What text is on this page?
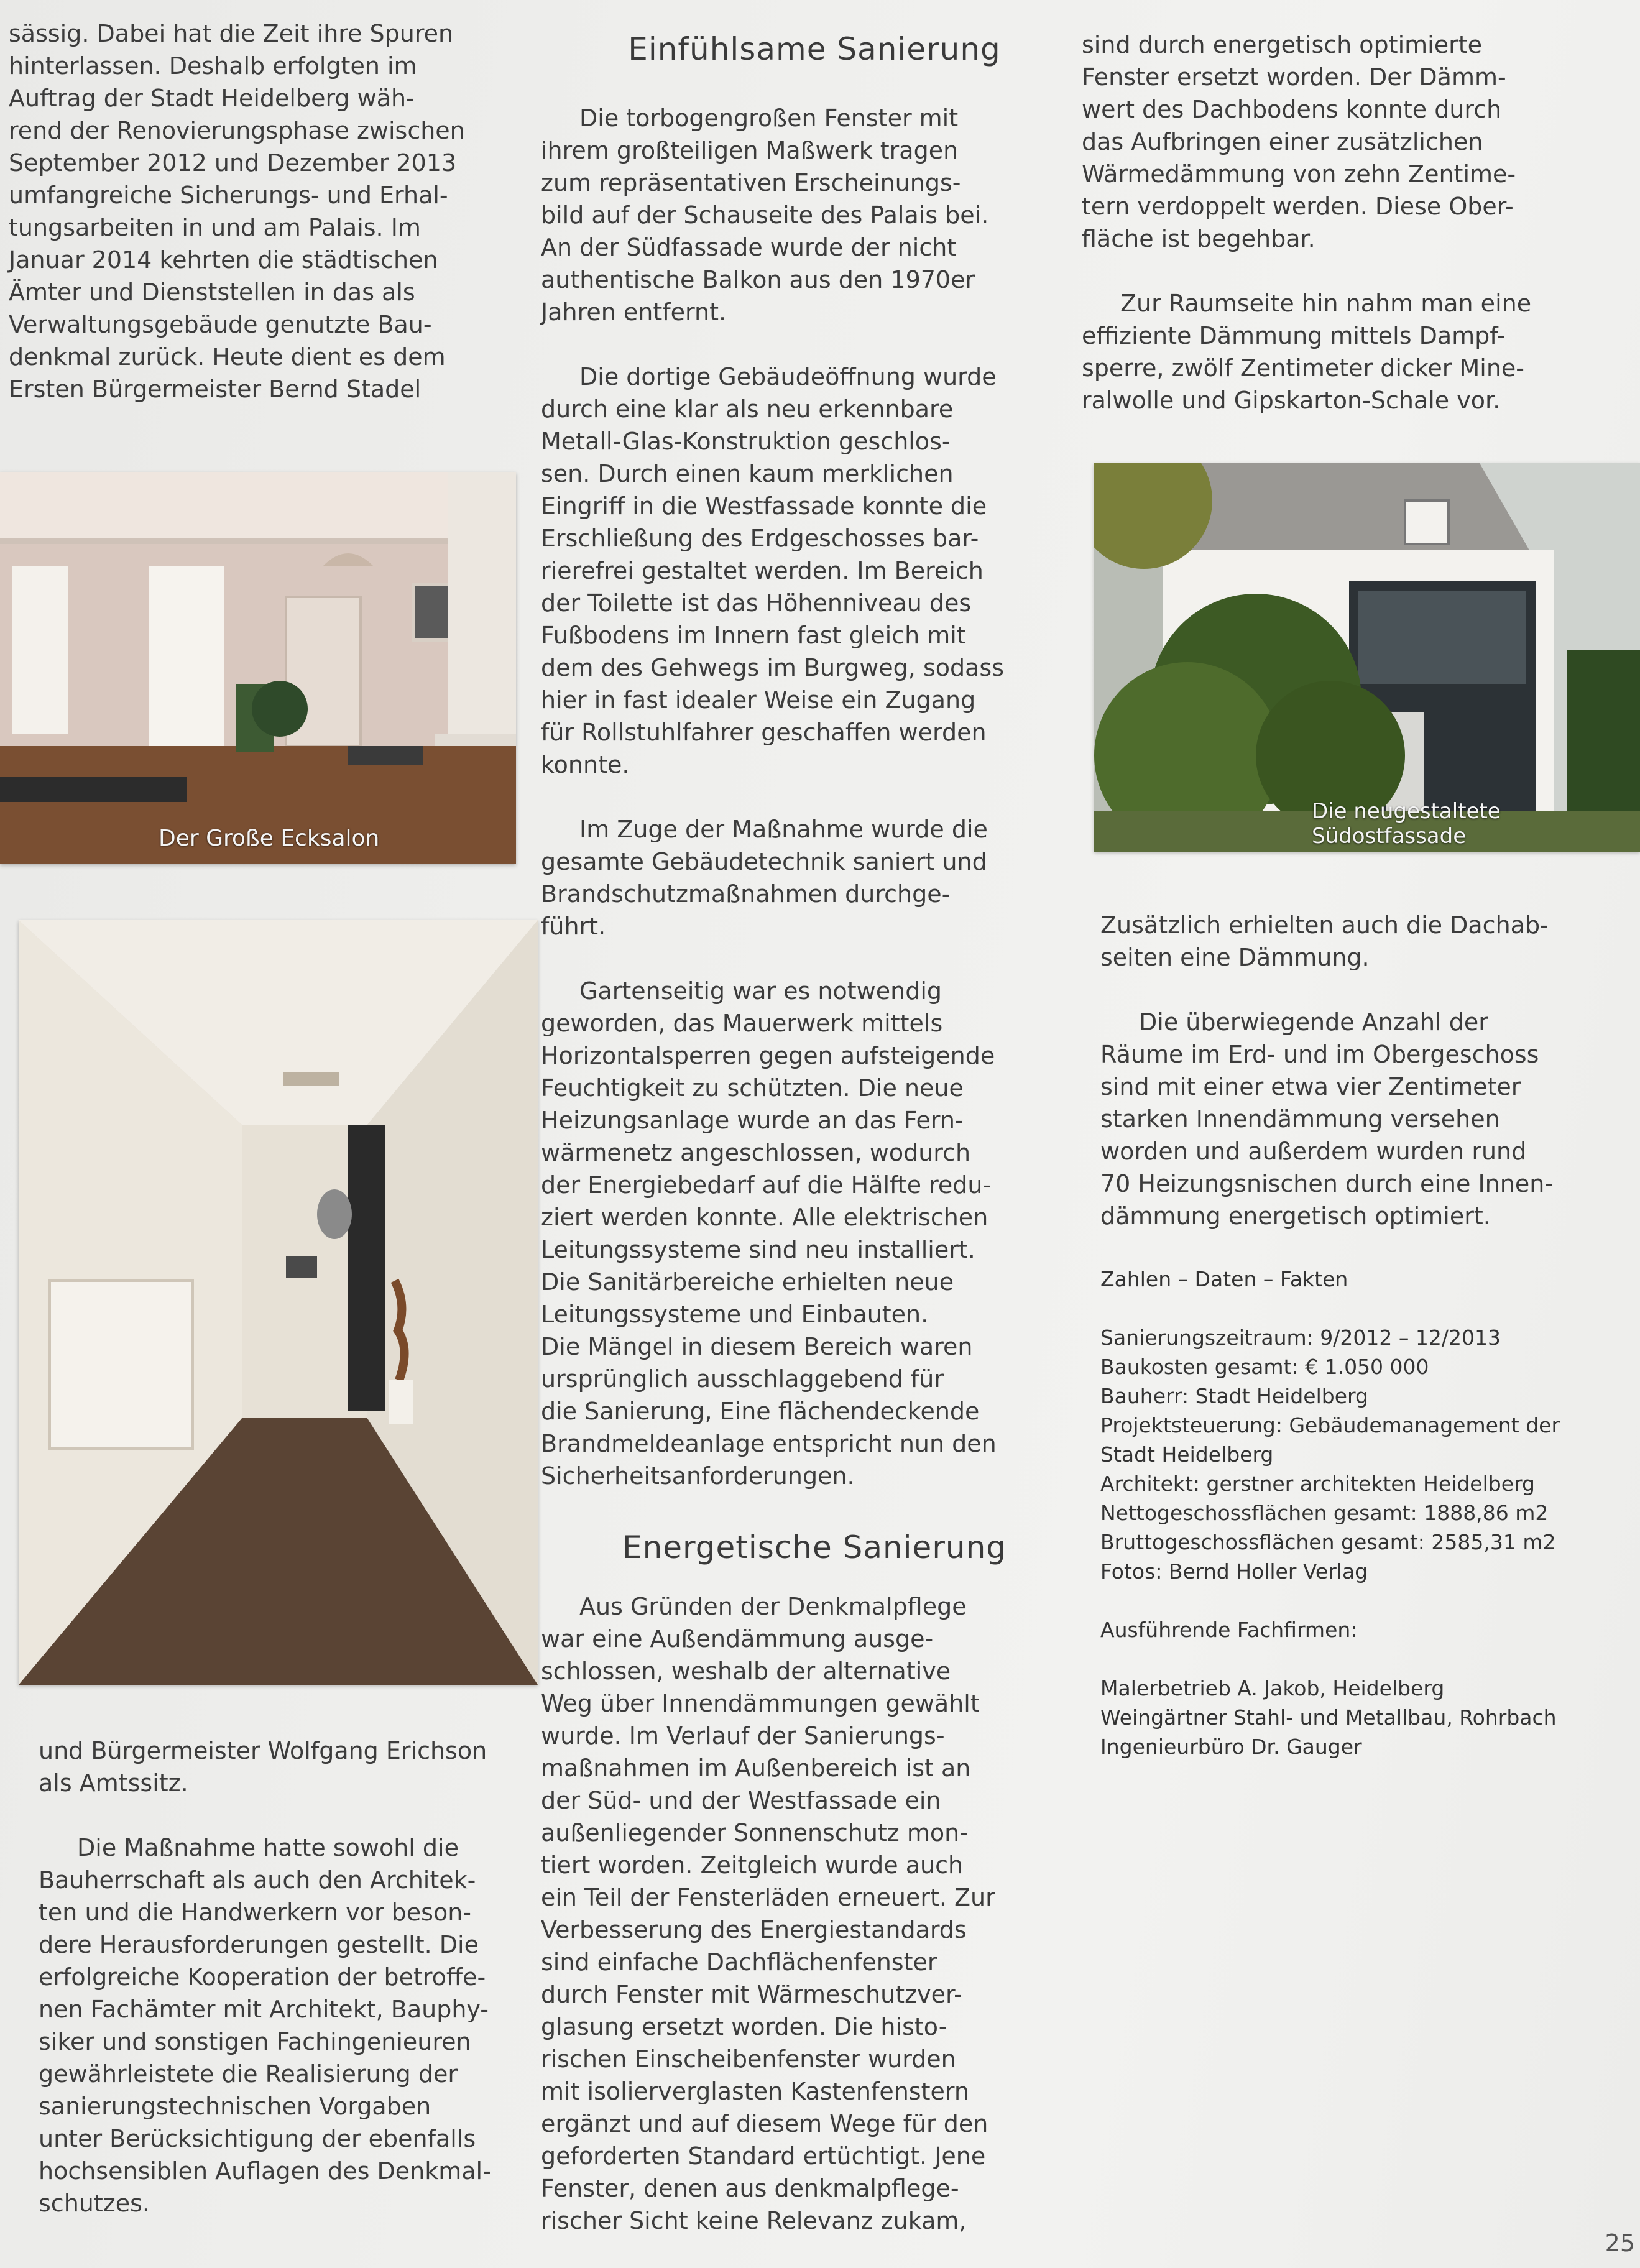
sässig. Dabei hat die Zeit ihre Spuren
hinterlassen. Deshalb erfolgten im
Auftrag der Stadt Heidelberg wäh-
rend der Renovierungsphase zwischen
September 2012 und Dezember 2013
umfangreiche Sicherungs- und Erhal-
tungsarbeiten in und am Palais. Im
Januar 2014 kehrten die städtischen
Ämter und Dienststellen in das als
Verwaltungsgebäude genutzte Bau-
denkmal zurück. Heute dient es dem
Ersten Bürgermeister Bernd Stadel

Der Große Ecksalon

und Bürgermeister Wolfgang Erichson
als Amtssitz.

Die Maßnahme hatte sowohl die
Bauherrschaft als auch den Architek-
ten und die Handwerkern vor beson-
dere Herausforderungen gestellt. Die
erfolgreiche Kooperation der betroffe-
nen Fachämter mit Architekt, Bauphy-
siker und sonstigen Fachingenieuren
gewährleistete die Realisierung der
sanierungstechnischen Vorgaben
unter Berücksichtigung der ebenfalls
hochsensiblen Auflagen des Denkmal-
schutzes.

Einfühlsame Sanierung

Die torbogengroßen Fenster mit
ihrem großteiligen Maßwerk tragen
zum repräsentativen Erscheinungs-
bild auf der Schauseite des Palais bei.
An der Südfassade wurde der nicht
authentische Balkon aus den 1970er
Jahren entfernt.

Die dortige Gebäudeöffnung wurde
durch eine klar als neu erkennbare
Metall-Glas-Konstruktion geschlos-
sen. Durch einen kaum merklichen
Eingriff in die Westfassade konnte die
Erschließung des Erdgeschosses bar-
rierefrei gestaltet werden. Im Bereich
der Toilette ist das Höhenniveau des
Fußbodens im Innern fast gleich mit
dem des Gehwegs im Burgweg, sodass
hier in fast idealer Weise ein Zugang
für Rollstuhlfahrer geschaffen werden
konnte.

Im Zuge der Maßnahme wurde die
gesamte Gebäudetechnik saniert und
Brandschutzmaßnahmen durchge-
führt.

Gartenseitig war es notwendig
geworden, das Mauerwerk mittels
Horizontalsperren gegen aufsteigende
Feuchtigkeit zu schützten. Die neue
Heizungsanlage wurde an das Fern-
wärmenetz angeschlossen, wodurch
der Energiebedarf auf die Hälfte redu-
ziert werden konnte. Alle elektrischen
Leitungssysteme sind neu installiert.
Die Sanitärbereiche erhielten neue
Leitungssysteme und Einbauten.
Die Mängel in diesem Bereich waren
ursprünglich ausschlaggebend für
die Sanierung, Eine flächendeckende
Brandmeldeanlage entspricht nun den
Sicherheitsanforderungen.

Energetische Sanierung

Aus Gründen der Denkmalpflege
war eine Außendämmung ausge-
schlossen, weshalb der alternative
Weg über Innendämmungen gewählt
wurde. Im Verlauf der Sanierungs-
maßnahmen im Außenbereich ist an
der Süd- und der Westfassade ein
außenliegender Sonnenschutz mon-
tiert worden. Zeitgleich wurde auch
ein Teil der Fensterläden erneuert. Zur
Verbesserung des Energiestandards
sind einfache Dachflächenfenster
durch Fenster mit Wärmeschutzver-
glasung ersetzt worden. Die histo-
rischen Einscheibenfenster wurden
mit isolierverglasten Kastenfenstern
ergänzt und auf diesem Wege für den
geforderten Standard ertüchtigt. Jene
Fenster, denen aus denkmalpflege-
rischer Sicht keine Relevanz zukam,

sind durch energetisch optimierte
Fenster ersetzt worden. Der Dämm-
wert des Dachbodens konnte durch
das Aufbringen einer zusätzlichen
Wärmedämmung von zehn Zentime-
tern verdoppelt werden. Diese Ober-
fläche ist begehbar.

Zur Raumseite hin nahm man eine
effiziente Dämmung mittels Dampf-
sperre, zwölf Zentimeter dicker Mine-
ralwolle und Gipskarton-Schale vor.

Die neugestaltete Südostfassade

Zusätzlich erhielten auch die Dachab-
seiten eine Dämmung.

Die überwiegende Anzahl der
Räume im Erd- und im Obergeschoss
sind mit einer etwa vier Zentimeter
starken Innendämmung versehen
worden und außerdem wurden rund
70 Heizungsnischen durch eine Innen-
dämmung energetisch optimiert.

Zahlen – Daten – Fakten

Sanierungszeitraum: 9/2012 – 12/2013
Baukosten gesamt: € 1.050 000
Bauherr: Stadt Heidelberg
Projektsteuerung: Gebäudemanagement der
Stadt Heidelberg
Architekt: gerstner architekten Heidelberg
Nettogeschossflächen gesamt: 1888,86 m2
Bruttogeschossflächen gesamt: 2585,31 m2
Fotos: Bernd Holler Verlag

Ausführende Fachfirmen:

Malerbetrieb A. Jakob, Heidelberg
Weingärtner Stahl- und Metallbau, Rohrbach
Ingenieurbüro Dr. Gauger

25
